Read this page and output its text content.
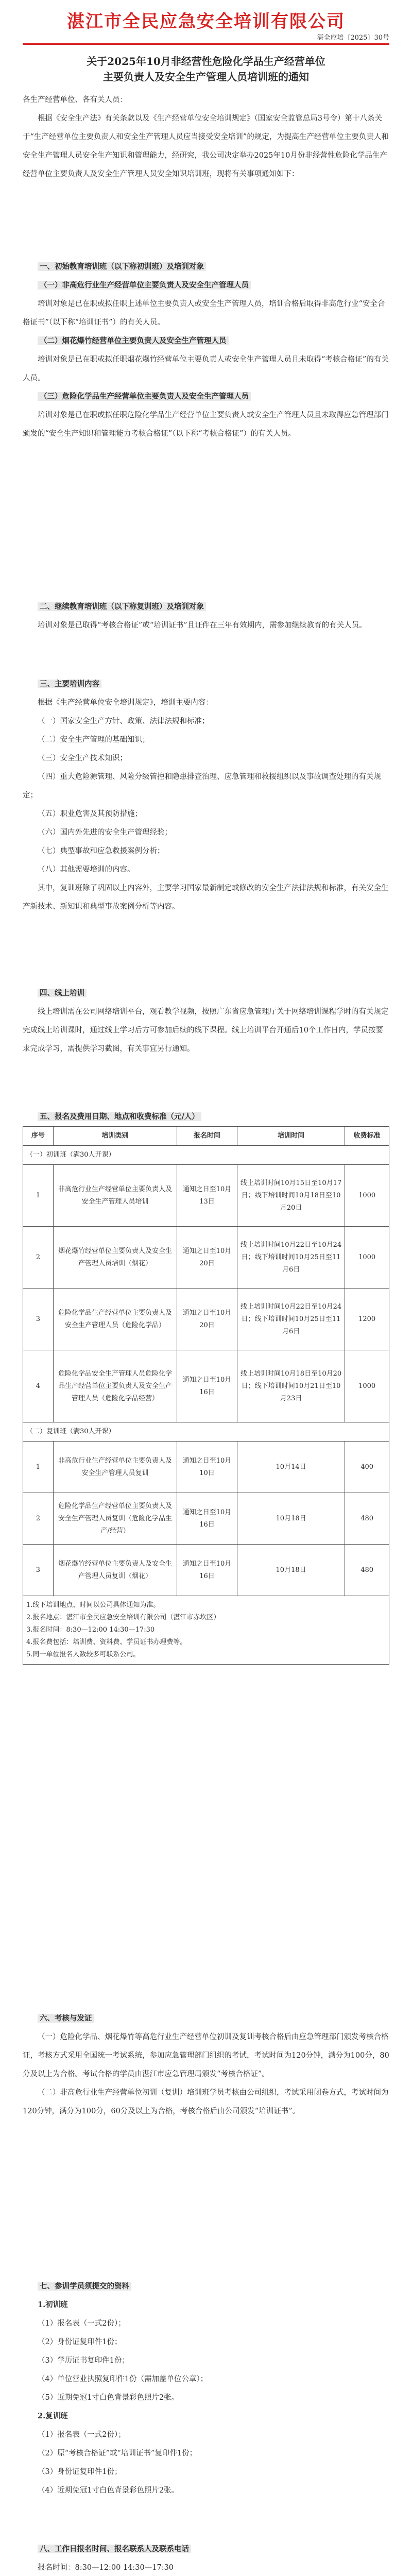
湛江市全民应急安全培训有限公司
湛全应培〔2025〕30号
关于2025年10月非经营性危险化学品生产经营单位
主要负责人及安全生产管理人员培训班的通知

各生产经营单位、各有关人员：

根据《安全生产法》有关条款以及《生产经营单位安全培训规定》（国家安全监管总局3号令）第十八条关于“生产经营单位主要负责人和安全生产管理人员应当接受安全培训”的规定，为提高生产经营单位主要负责人和安全生产管理人员安全生产知识和管理能力，经研究，我公司决定举办2025年10月份非经营性危险化学品生产经营单位主要负责人及安全生产管理人员安全知识培训班，现将有关事项通知如下：

一、初始教育培训班（以下称初训班）及培训对象

（一）非高危行业生产经营单位主要负责人及安全生产管理人员

培训对象是已在职或拟任职上述单位主要负责人或安全生产管理人员，培训合格后取得非高危行业“安全合格证书”（以下称“培训证书”）的有关人员。

（二）烟花爆竹经营单位主要负责人及安全生产管理人员

培训对象是已在职或拟任职烟花爆竹经营单位主要负责人或安全生产管理人员且未取得“考核合格证”的有关人员。

（三）危险化学品生产经营单位主要负责人及安全生产管理人员

培训对象是已在职或拟任职危险化学品生产经营单位主要负责人或安全生产管理人员且未取得应急管理部门颁发的“安全生产知识和管理能力考核合格证”（以下称“考核合格证”）的有关人员。

二、继续教育培训班（以下称复训班）及培训对象

培训对象是已取得“考核合格证”或“培训证书”且证件在三年有效期内，需参加继续教育的有关人员。

三、主要培训内容

根据《生产经营单位安全培训规定》，培训主要内容：

（一）国家安全生产方针、政策、法律法规和标准；

（二）安全生产管理的基础知识；

（三）安全生产技术知识；

（四）重大危险源管理、风险分级管控和隐患排查治理、应急管理和救援组织以及事故调查处理的有关规定；

（五）职业危害及其预防措施；

（六）国内外先进的安全生产管理经验；

（七）典型事故和应急救援案例分析；

（八）其他需要培训的内容。

其中，复训班除了巩固以上内容外，主要学习国家最新制定或修改的安全生产法律法规和标准，有关安全生产新技术、新知识和典型事故案例分析等内容。

四、线上培训

线上培训需在公司网络培训平台，观看教学视频，按照广东省应急管理厅关于网络培训课程学时的有关规定完成线上培训课时，通过线上学习后方可参加后续的线下课程。线上培训平台开通后10个工作日内，学员按要求完成学习，需提供学习截图，有关事宜另行通知。

五、报名及费用日期、地点和收费标准（元/人）

序号	培训类别	报名时间	培训时间	收费标准
（一）初训班（满30人开课）				
1	非高危行业生产经营单位主要负责人及安全生产管理人员培训	通知之日至10月13日	线上培训时间10月15日至10月17日；线下培训时间10月18日至10月20日	1000
2	烟花爆竹经营单位主要负责人及安全生产管理人员培训（烟花）	通知之日至10月20日	线上培训时间10月22日至10月24日；线下培训时间10月25日至11月6日	1000
3	危险化学品生产经营单位主要负责人及安全生产管理人员（危险化学品）	通知之日至10月20日	线上培训时间10月22日至10月24日；线下培训时间10月25日至11月6日	1200
4	危险化学品安全生产管理人员危险化学品生产经营单位主要负责人及安全生产管理人员（危险化学品经营）	通知之日至10月16日	线上培训时间10月18日至10月20日；线下培训时间10月21日至10月23日	1000
（二）复训班（满30人开课）				
1	非高危行业生产经营单位主要负责人及安全生产管理人员复训	通知之日至10月10日	10月14日	400
2	危险化学品生产经营单位主要负责人及安全生产管理人员复训（危险化学品生产/经营）	通知之日至10月16日	10月18日	480
3	烟花爆竹经营单位主要负责人及安全生产管理人员复训（烟花）	通知之日至10月16日	10月18日	480

1.线下培训地点、时间以公司具体通知为准。
2.报名地点：湛江市全民应急安全培训有限公司（湛江市赤坎区）
3.报名时间：8:30—12:00 14:30—17:30
4.报名费包括：培训费、资料费、学员证书办理费等。
5.同一单位报名人数较多可联系公司。				

六、考核与发证

（一）危险化学品、烟花爆竹等高危行业生产经营单位初训及复训考核合格后由应急管理部门颁发考核合格证，考核方式采用全国统一考试系统，参加应急管理部门组织的考试，考试时间为120分钟，满分为100分，80分及以上为合格。考试合格的学员由湛江市应急管理局颁发“考核合格证”。

（二）非高危行业生产经营单位初训（复训）培训班学员考核由公司组织，考试采用闭卷方式，考试时间为120分钟，满分为100分，60分及以上为合格，考核合格后由公司颁发“培训证书”。

七、参训学员须提交的资料

1.初训班

（1）报名表（一式2份）；

（2）身份证复印件1份；

（3）学历证书复印件1份；

（4）单位营业执照复印件1份（需加盖单位公章）；

（5）近期免冠1寸白色背景彩色照片2张。

2.复训班

（1）报名表（一式2份）；

（2）原“考核合格证”或“培训证书”复印件1份；

（3）身份证复印件1份；

（4）近期免冠1寸白色背景彩色照片2张。

八、工作日报名时间、报名联系人及联系电话

报名时间：8:30—12:00 14:30—17:30
